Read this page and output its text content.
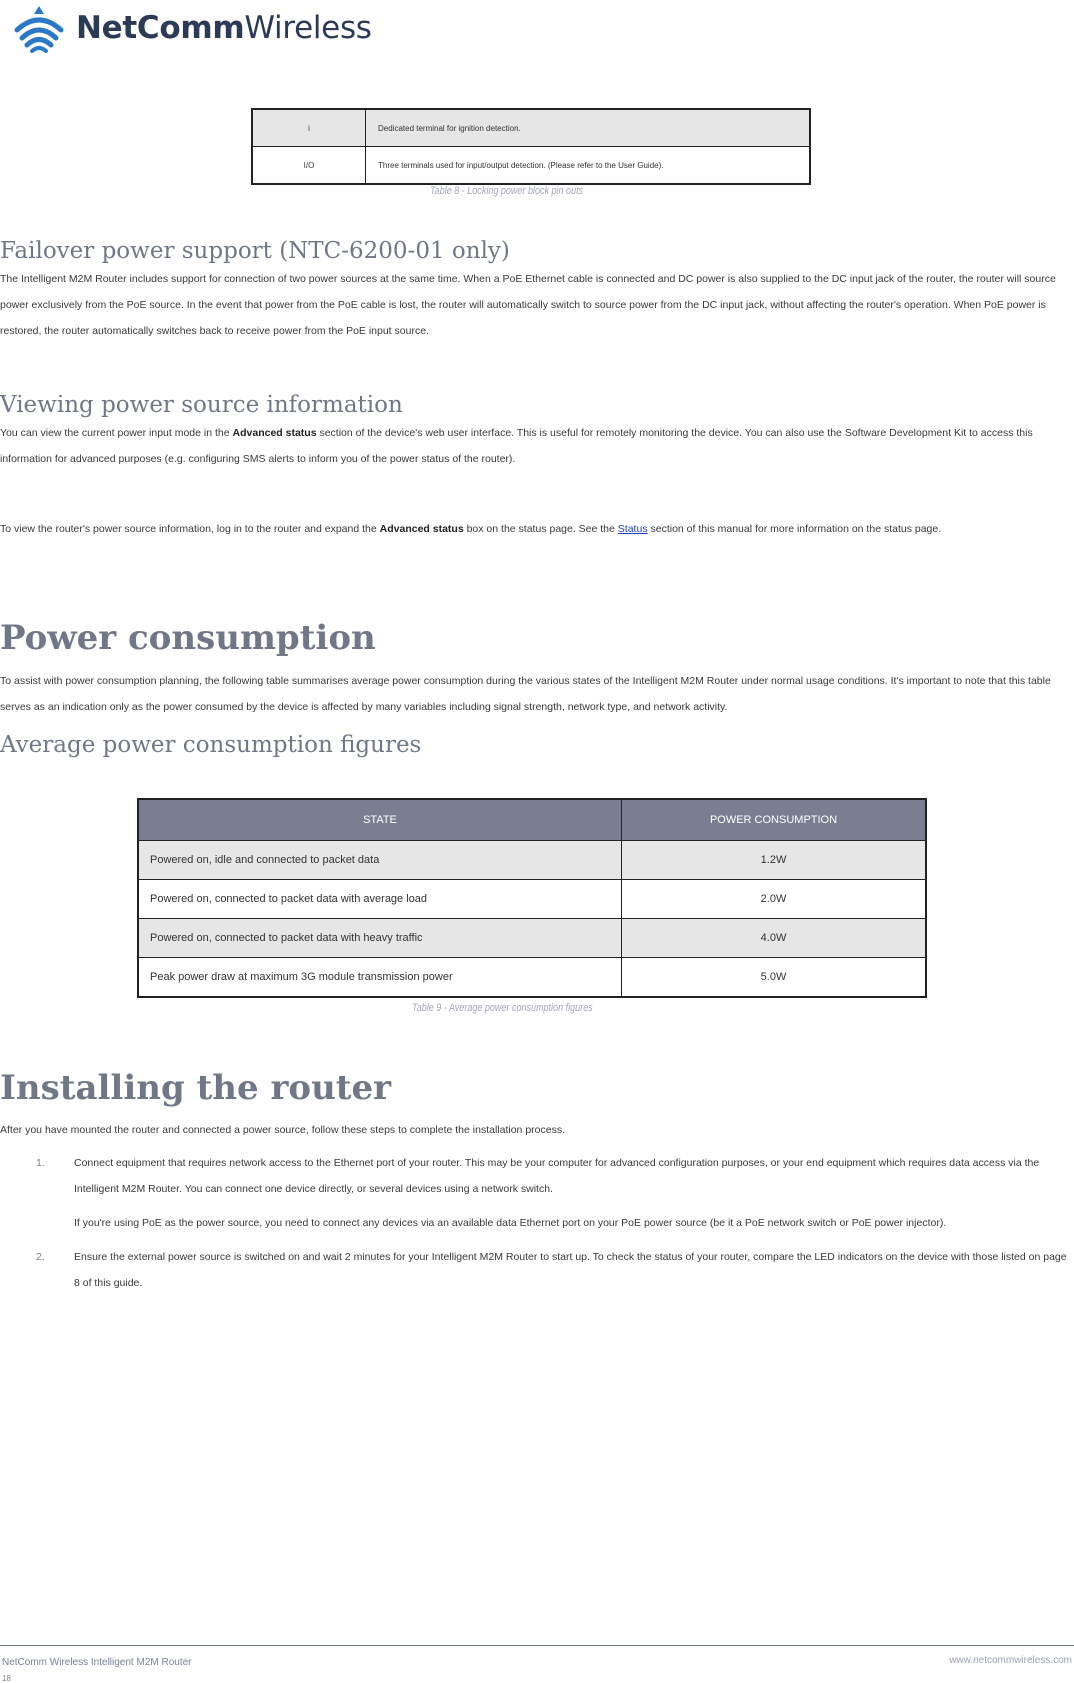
NetCommWireless
i	Dedicated terminal for ignition detection.
I/O	Three terminals used for input/output detection. (Please refer to the User Guide).
Table 8 - Locking power block pin outs
Failover power support (NTC-6200-01 only)

The Intelligent M2M Router includes support for connection of two power sources at the same time. When a PoE Ethernet cable is connected and DC power is also supplied to the DC input jack of the router, the router will source power exclusively from the PoE source. In the event that power from the PoE cable is lost, the router will automatically switch to source power from the DC input jack, without affecting the router's operation. When PoE power is restored, the router automatically switches back to receive power from the PoE input source.

Viewing power source information

You can view the current power input mode in the Advanced status section of the device's web user interface. This is useful for remotely monitoring the device. You can also use the Software Development Kit to access this information for advanced purposes (e.g. configuring SMS alerts to inform you of the power status of the router).

To view the router's power source information, log in to the router and expand the Advanced status box on the status page. See the Status section of this manual for more information on the status page.

Power consumption

To assist with power consumption planning, the following table summarises average power consumption during the various states of the Intelligent M2M Router under normal usage conditions. It's important to note that this table serves as an indication only as the power consumed by the device is affected by many variables including signal strength, network type, and network activity.

Average power consumption figures
STATE	POWER CONSUMPTION
Powered on, idle and connected to packet data	1.2W
Powered on, connected to packet data with average load	2.0W
Powered on, connected to packet data with heavy traffic	4.0W
Peak power draw at maximum 3G module transmission power	5.0W
Table 9 - Average power consumption figures
Installing the router

After you have mounted the router and connected a power source, follow these steps to complete the installation process.

1.	Connect equipment that requires network access to the Ethernet port of your router. This may be your computer for advanced configuration purposes, or your end equipment which requires data access via the Intelligent M2M Router. You can connect one device directly, or several devices using a network switch.

If you're using PoE as the power source, you need to connect any devices via an available data Ethernet port on your PoE power source (be it a PoE network switch or PoE power injector).

2.	Ensure the external power source is switched on and wait 2 minutes for your Intelligent M2M Router to start up. To check the status of your router, compare the LED indicators on the device with those listed on page 8 of this guide.

NetComm Wireless Intelligent M2M Router	www.netcommwireless.com
18
